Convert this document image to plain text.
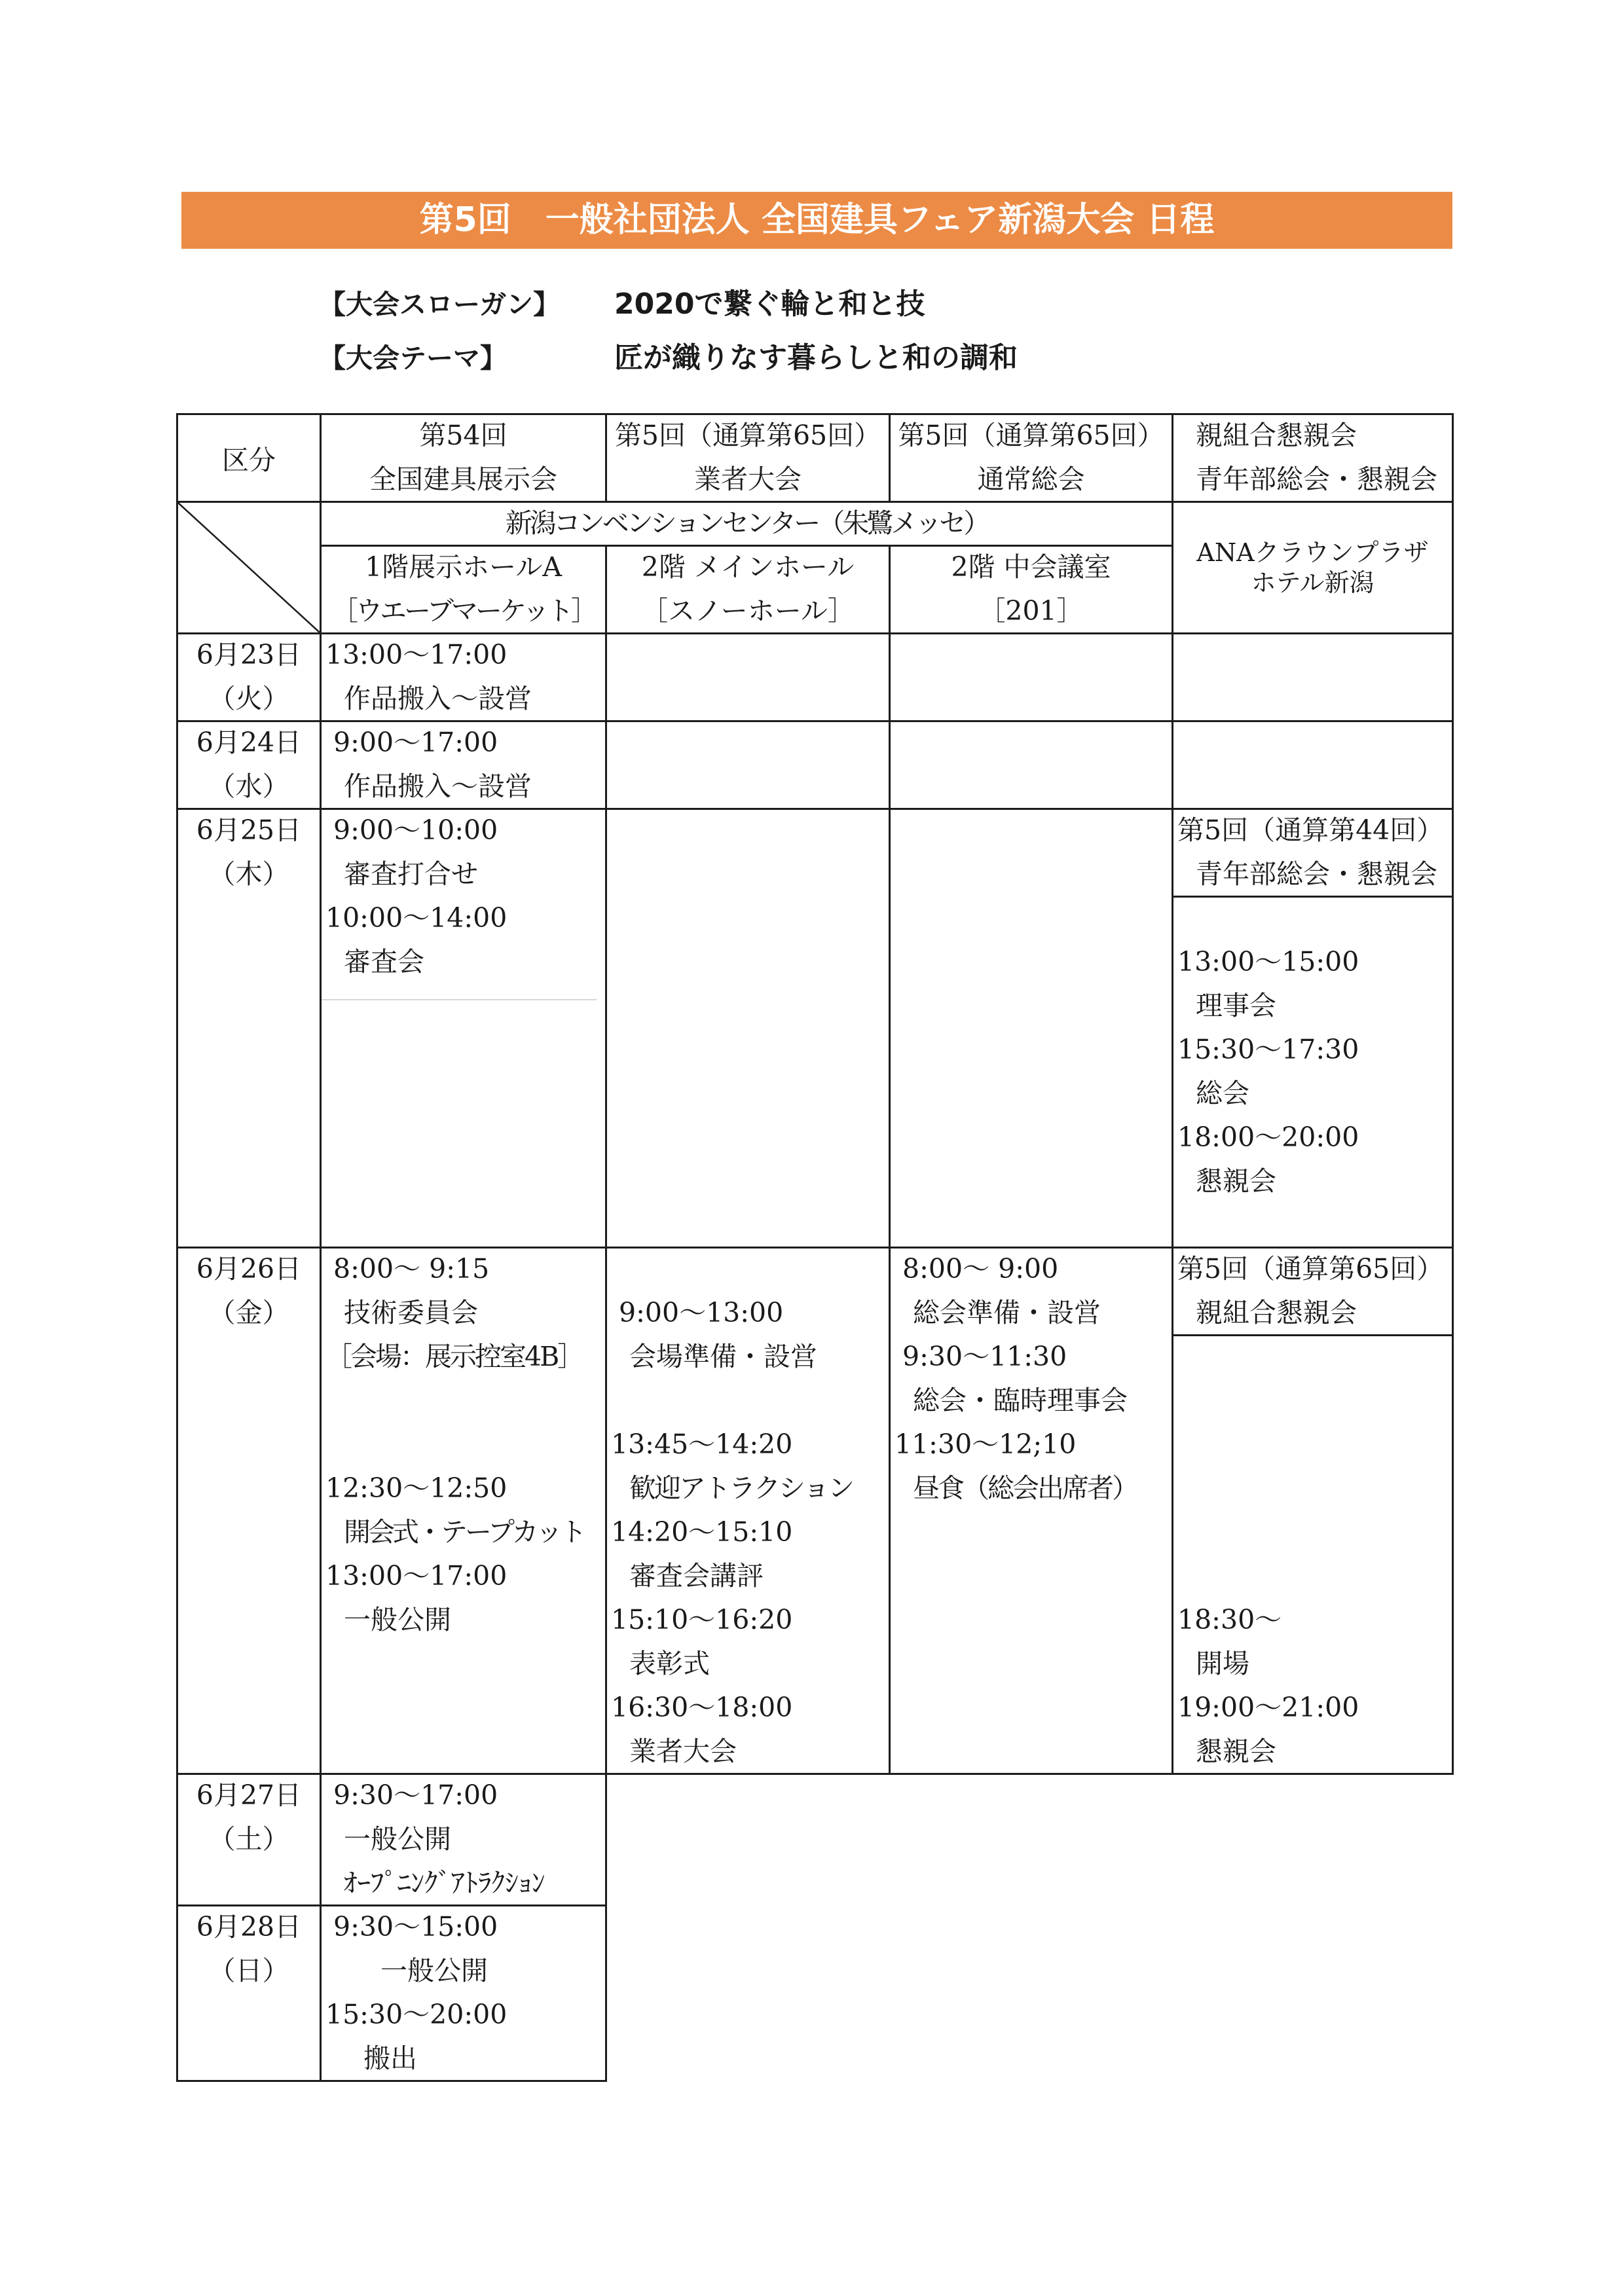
第5回　一般社団法人 全国建具フェア新潟大会 日程
【大会スローガン】 2020で繋ぐ輪と和と技
【大会テーマ】	匠が織りなす暮らしと和の調和
区分
第54回
全国建具展示会
第5回（通算第65回）
業者大会
第5回（通算第65回）
通常総会
親組合懇親会
青年部総会・懇親会
新潟コンベンションセンター（朱鷺メッセ）
1階展示ホールA
［ウエーブマーケット］
2階 メインホール
［スノーホール］
2階 中会議室
［201］
ANAクラウンプラザ
ホテル新潟
6月23日
（火）
13:00～17:00
作品搬入～設営
6月24日
（水）
9:00～17:00
作品搬入～設営
6月25日
（木）
9:00～10:00
審査打合せ
10:00～14:00
審査会
第5回（通算第44回）
青年部総会・懇親会
13:00～15:00
理事会
15:30～17:30
総会
18:00～20:00
懇親会
6月26日
（金）
8:00～ 9:15
技術委員会
［会場：展示控室4B］
12:30～12:50
開会式・テープカット
13:00～17:00
一般公開
9:00～13:00
会場準備・設営
13:45～14:20
歓迎アトラクション
14:20～15:10
審査会講評
15:10～16:20
表彰式
16:30～18:00
業者大会
8:00～ 9:00
総会準備・設営
9:30～11:30
総会・臨時理事会
11:30～12;10
昼食（総会出席者）
第5回（通算第65回）
親組合懇親会
18:30～
開場
19:00～21:00
懇親会
6月27日
（土）
9:30～17:00
一般公開
ｵｰﾌﾟﾆﾝｸﾞｱﾄﾗｸｼｮﾝ
6月28日
（日）
9:30～15:00
一般公開
15:30～20:00
搬出
